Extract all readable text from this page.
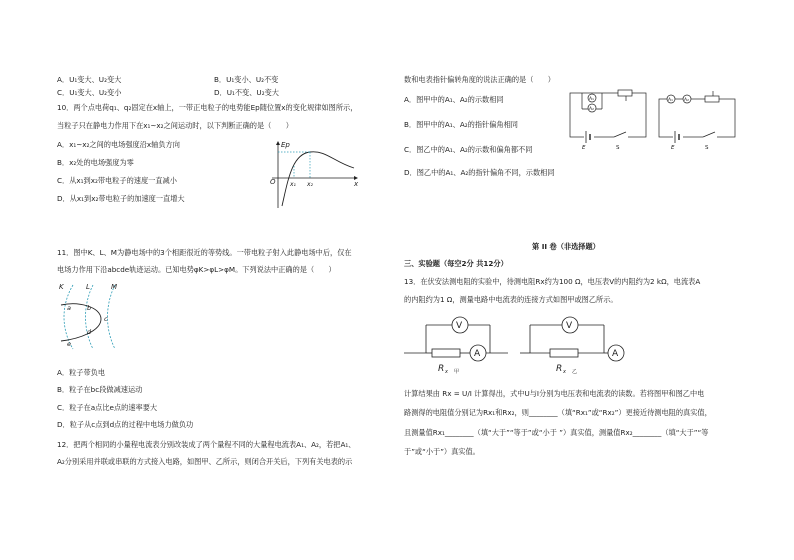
A．U₁变大、U₂变大	B．U₁变小、U₂不变
C．U₁变大、U₂变小	D．U₁不变、U₂变大
10．两个点电荷q₁、q₂固定在x轴上，一带正电粒子的电势能Ep随位置x的变化规律如图所示，
当粒子只在静电力作用下在x₁~x₂之间运动时，以下判断正确的是（　　）
A．x₁~x₂之间的电场强度沿x轴负方向
B．x₂处的电场强度为零
C．从x₁到x₂带电粒子的速度一直减小
D．从x₁到x₂带电粒子的加速度一直增大
Ep
O x₁ x₂	x
11．图中K、L、M为静电场中的3个相距很近的等势线。一带电粒子射入此静电场中后，仅在
电场力作用下沿abcde轨迹运动。已知电势φK>φL>φM。下列说法中正确的是（　　）
K	L	M
a b
c
d
e
A．粒子带负电
B．粒子在bc段做减速运动
C．粒子在a点比e点的速率要大
D．粒子从c点到d点的过程中电场力做负功
12．把两个相同的小量程电流表分别改装成了两个量程不同的大量程电流表A₁、A₂，若把A₁、
A₂分别采用并联或串联的方式接入电路，如图甲、乙所示，则闭合开关后，下列有关电表的示
数和电表指针偏转角度的说法正确的是（　　）
A．图甲中的A₁、A₂的示数相同
B．图甲中的A₁、A₂的指针偏角相同
C．图乙中的A₁、A₂的示数和偏角都不同
D．图乙中的A₁、A₂的指针偏角不同，示数相同
A₁
A₂
E	S
A₁ A₂
E	S
第 II 卷（非选择题）
三、实验题（每空2分 共12分）
13．在伏安法测电阻的实验中，待测电阻Rx约为100 Ω，电压表V的内阻约为2 kΩ，电流表A
的内阻约为1 Ω，测量电路中电流表的连接方式如图甲或图乙所示。
V
A
R x 甲
V
A
R x 乙
计算结果由 Rx = U/I 计算得出，式中U与I分别为电压表和电流表的读数。若将图甲和图乙中电
路测得的电阻值分别记为Rx₁和Rx₂，则________（填“Rx₁”或“Rx₂”）更接近待测电阻的真实值，
且测量值Rx₁________（填“大于”“等于”或“小于 ”）真实值，测量值Rx₂________（填“大于”“等
于”或“小于”）真实值。
